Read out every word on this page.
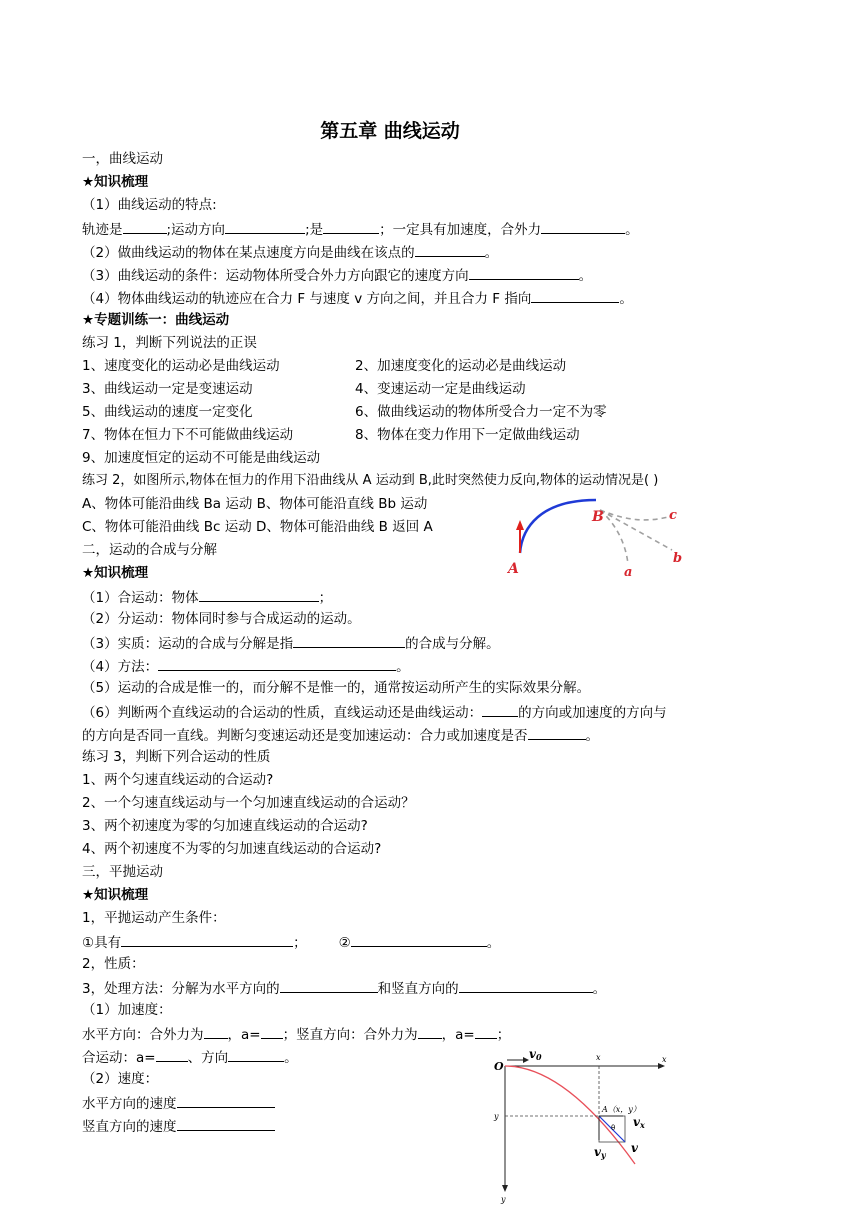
第五章 曲线运动
一，曲线运动
★知识梳理
（1）曲线运动的特点:
轨迹是	;运动方向	;是	；一定具有加速度，合外力	。
（2）做曲线运动的物体在某点速度方向是曲线在该点的	。
（3）曲线运动的条件：运动物体所受合外力方向跟它的速度方向	。
（4）物体曲线运动的轨迹应在合力 F 与速度 v 方向之间，并且合力 F 指向	。
★专题训练一：曲线运动
练习 1，判断下列说法的正误
1、速度变化的运动必是曲线运动	2、加速度变化的运动必是曲线运动
3、曲线运动一定是变速运动	4、变速运动一定是曲线运动
5、曲线运动的速度一定变化	6、做曲线运动的物体所受合力一定不为零
7、物体在恒力下不可能做曲线运动	8、物体在变力作用下一定做曲线运动
9、加速度恒定的运动不可能是曲线运动
练习 2，如图所示,物体在恒力的作用下沿曲线从 A 运动到 B,此时突然使力反向,物体的运动情况是( )
A、物体可能沿曲线 Ba 运动 B、物体可能沿直线 Bb 运动
C、物体可能沿曲线 Bc 运动 D、物体可能沿曲线 B 返回 A
A
B	c
b
a
二，运动的合成与分解
★知识梳理
（1）合运动：物体	；
（2）分运动：物体同时参与合成运动的运动。
（3）实质：运动的合成与分解是指	的合成与分解。
（4）方法：	。
（5）运动的合成是惟一的，而分解不是惟一的，通常按运动所产生的实际效果分解。
（6）判断两个直线运动的合运动的性质，直线运动还是曲线运动：	的方向或加速度的方向与
的方向是否同一直线。判断匀变速运动还是变加速运动：合力或加速度是否	。
练习 3，判断下列合运动的性质
1、两个匀速直线运动的合运动?
2、一个匀速直线运动与一个匀加速直线运动的合运动？
3、两个初速度为零的匀加速直线运动的合运动?
4、两个初速度不为零的匀加速直线运动的合运动?
三，平抛运动
★知识梳理
1，平抛运动产生条件：
①具有	； ②	。
2，性质：
3，处理方法：分解为水平方向的	和竖直方向的	。
（1）加速度：
水平方向：合外力为 ，a= ；竖直方向：合外力为 ，a= ；
合运动：a= 、方向	。
（2）速度：
水平方向的速度
竖直方向的速度
O
v0	x	x
y
y
A（x，y）
θ vx
vy v
